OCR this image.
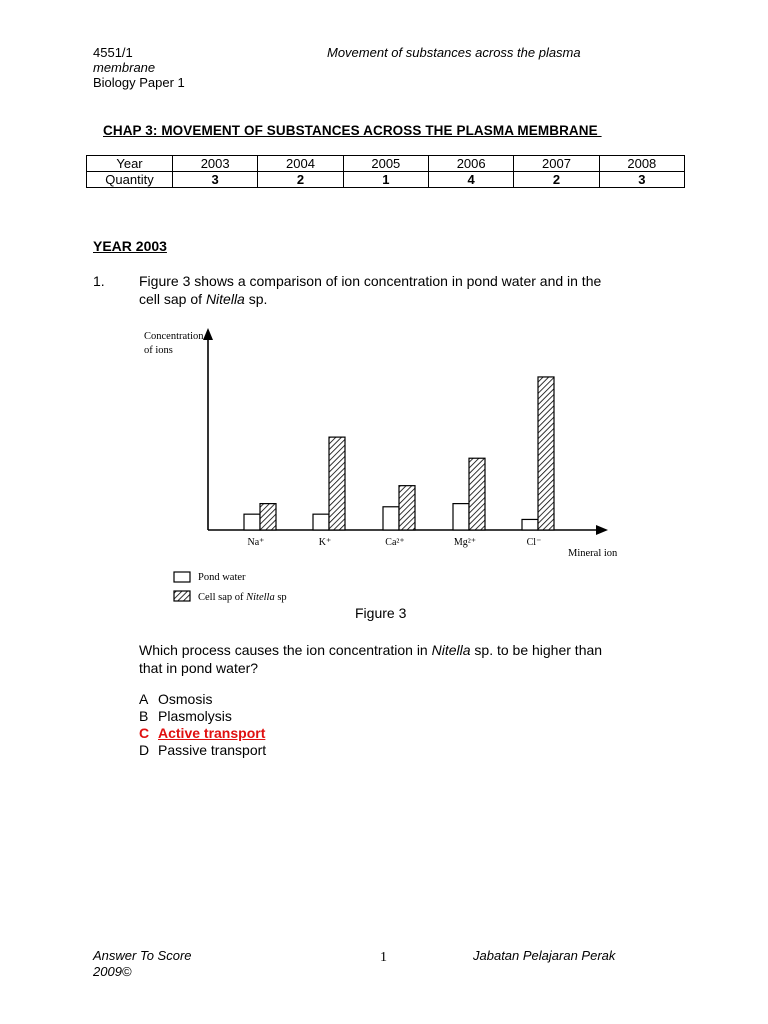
4551/1	Movement of substances across the plasma
membrane
Biology Paper 1
CHAP 3: MOVEMENT OF SUBSTANCES ACROSS THE PLASMA MEMBRANE
Year	2003	2004	2005	2006	2007	2008
Quantity	3	2	1	4	2	3
YEAR 2003
1. Figure 3 shows a comparison of ion concentration in pond water and in the
cell sap of Nitella sp.
Concentration
of ions
Na⁺	K⁺	Ca²⁺	Mg²⁺	Cl⁻
Mineral ion
Pond water
Cell sap of Nitella sp
Figure 3
Which process causes the ion concentration in Nitella sp. to be higher than
that in pond water?
A Osmosis
B Plasmolysis
C Active transport
D Passive transport
Answer To Score
2009©
1	Jabatan Pelajaran Perak
